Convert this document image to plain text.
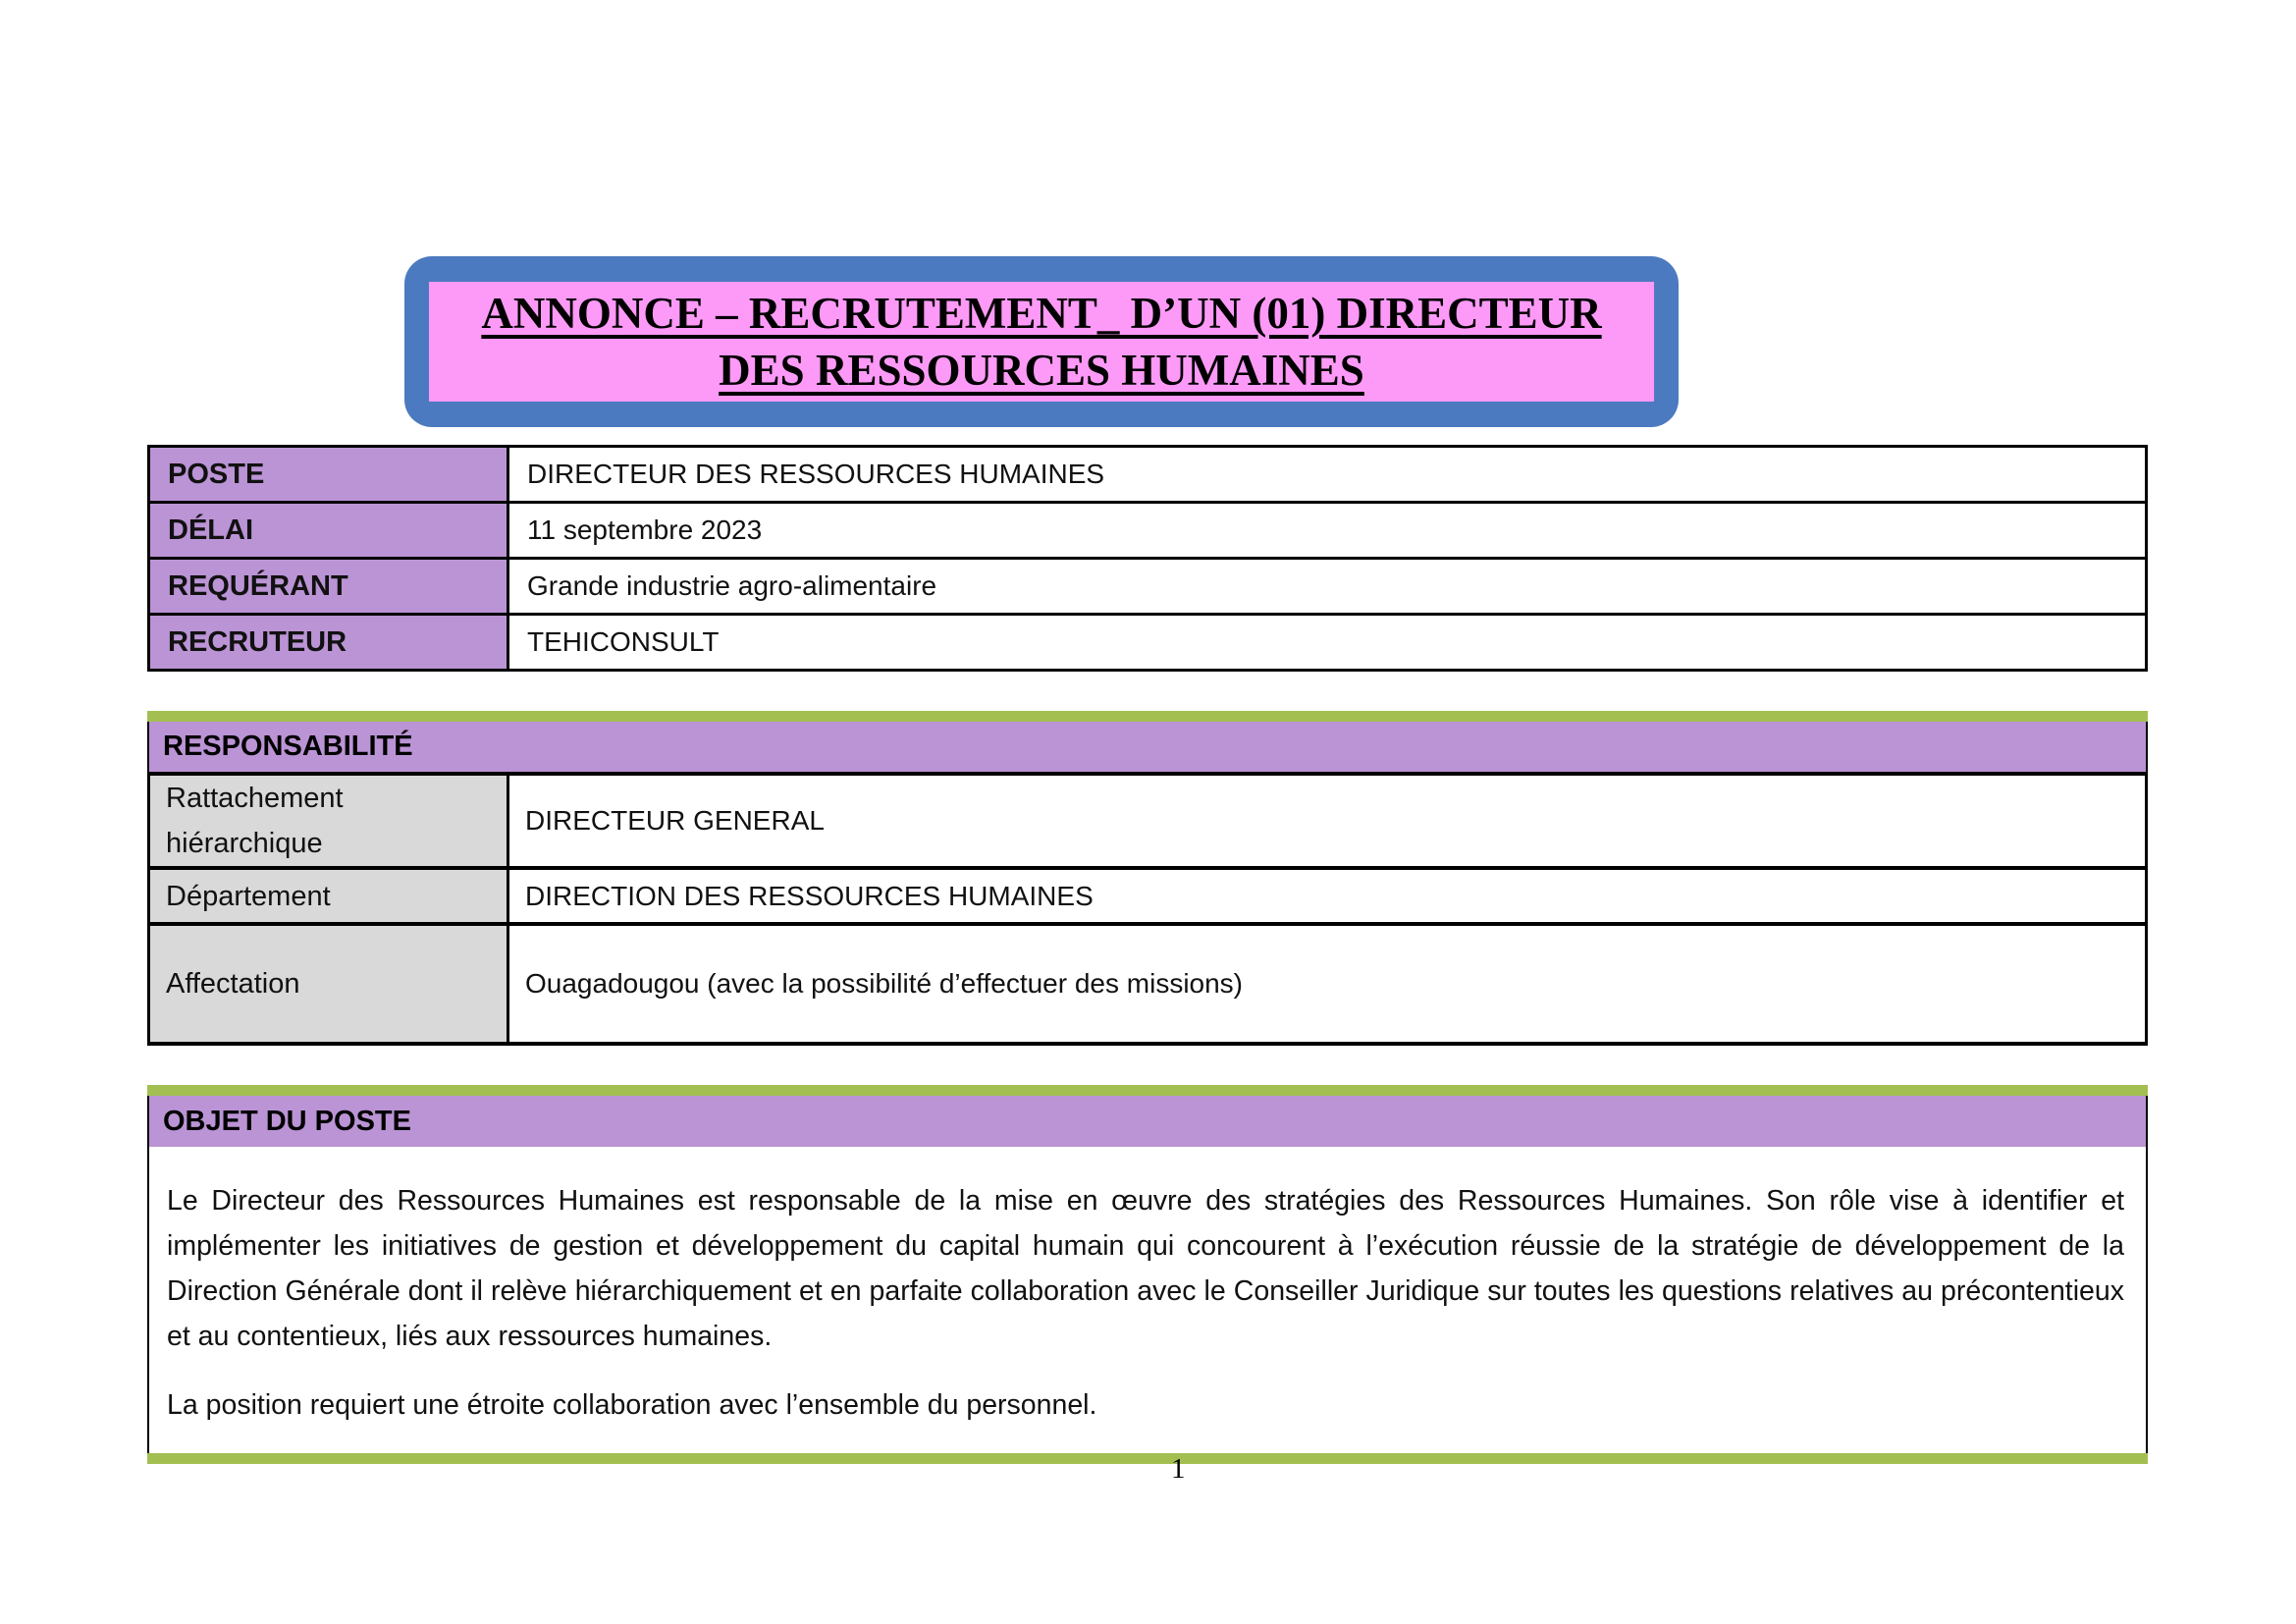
ANNONCE – RECRUTEMENT_ D’UN (01) DIRECTEUR DES RESSOURCES HUMAINES
POSTE	DIRECTEUR DES RESSOURCES HUMAINES
DÉLAI	11 septembre 2023
REQUÉRANT	Grande industrie agro-alimentaire
RECRUTEUR	TEHICONSULT
RESPONSABILITÉ
Rattachement hiérarchique	DIRECTEUR GENERAL
Département	DIRECTION DES RESSOURCES HUMAINES
Affectation	Ouagadougou (avec la possibilité d’effectuer des missions)
OBJET DU POSTE

Le Directeur des Ressources Humaines est responsable de la mise en œuvre des stratégies des Ressources Humaines. Son rôle vise à identifier et implémenter les initiatives de gestion et développement du capital humain qui concourent à l’exécution réussie de la stratégie de développement de la Direction Générale dont il relève hiérarchiquement et en parfaite collaboration avec le Conseiller Juridique sur toutes les questions relatives au précontentieux et au contentieux, liés aux ressources humaines.

La position requiert une étroite collaboration avec l’ensemble du personnel.

1
